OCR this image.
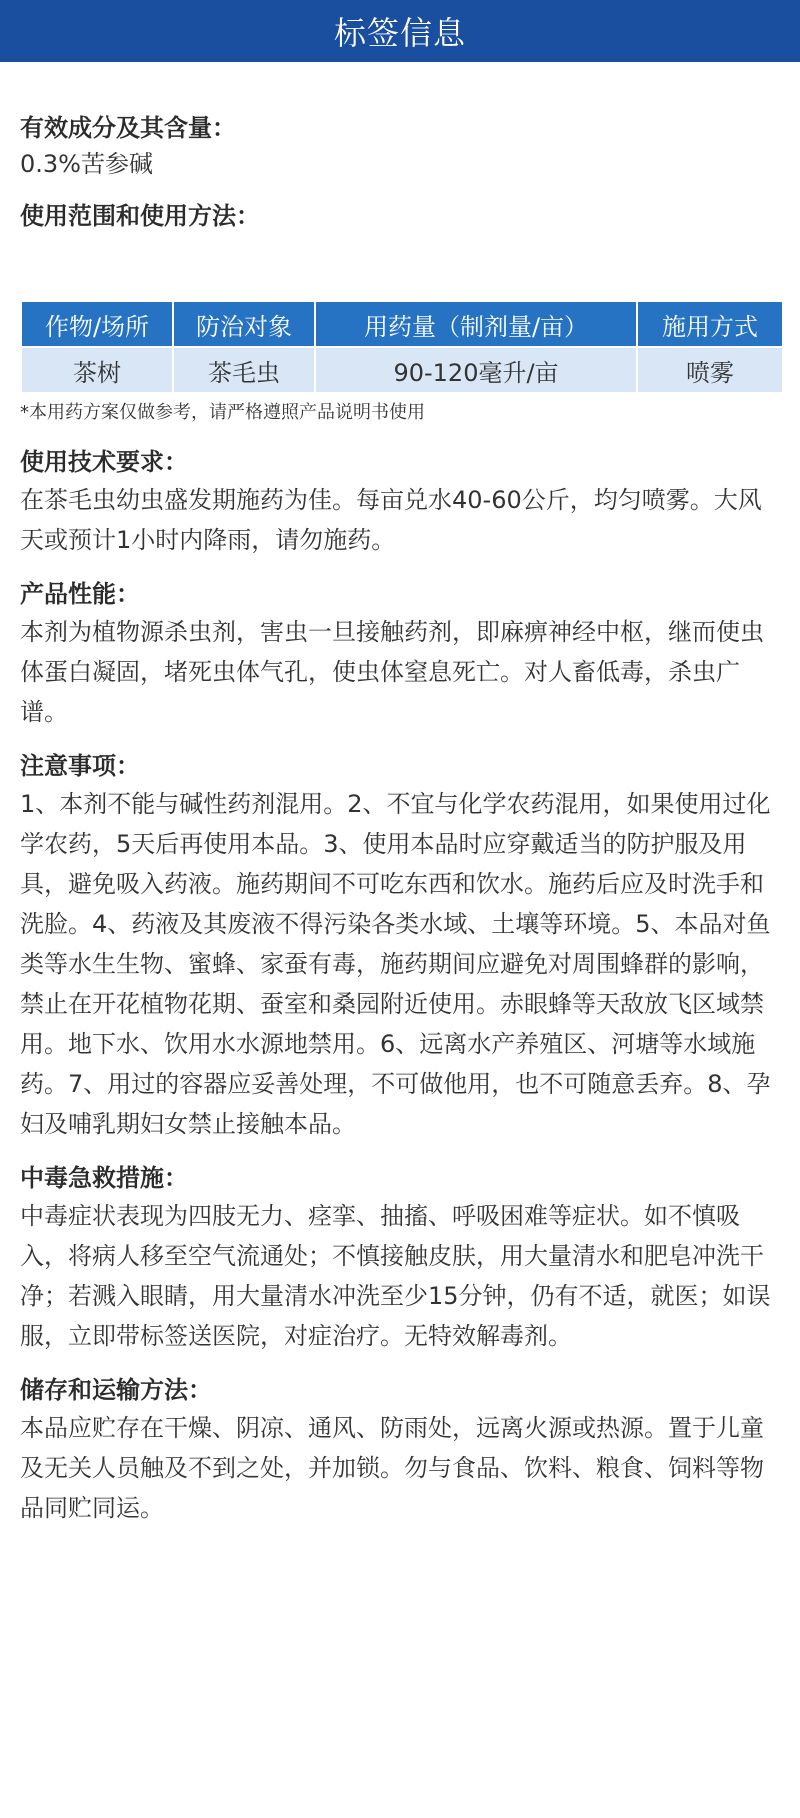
标签信息
有效成分及其含量：

0.3%苦参碱

使用范围和使用方法：
作物/场所	防治对象	用药量（制剂量/亩）	施用方式
茶树	茶毛虫	90-120毫升/亩	喷雾
*本用药方案仅做参考，请严格遵照产品说明书使用
使用技术要求：

在茶毛虫幼虫盛发期施药为佳。每亩兑水40-60公斤，均匀喷雾。大风天或预计1小时内降雨，请勿施药。

产品性能：

本剂为植物源杀虫剂，害虫一旦接触药剂，即麻痹神经中枢，继而使虫体蛋白凝固，堵死虫体气孔，使虫体窒息死亡。对人畜低毒，杀虫广谱。

注意事项：

1、本剂不能与碱性药剂混用。2、不宜与化学农药混用，如果使用过化学农药，5天后再使用本品。3、使用本品时应穿戴适当的防护服及用具，避免吸入药液。施药期间不可吃东西和饮水。施药后应及时洗手和洗脸。4、药液及其废液不得污染各类水域、土壤等环境。5、本品对鱼类等水生生物、蜜蜂、家蚕有毒，施药期间应避免对周围蜂群的影响，禁止在开花植物花期、蚕室和桑园附近使用。赤眼蜂等天敌放飞区域禁用。地下水、饮用水水源地禁用。6、远离水产养殖区、河塘等水域施药。7、用过的容器应妥善处理，不可做他用，也不可随意丢弃。8、孕妇及哺乳期妇女禁止接触本品。

中毒急救措施：

中毒症状表现为四肢无力、痉挛、抽搐、呼吸困难等症状。如不慎吸入，将病人移至空气流通处；不慎接触皮肤，用大量清水和肥皂冲洗干净；若溅入眼睛，用大量清水冲洗至少15分钟，仍有不适，就医；如误服，立即带标签送医院，对症治疗。无特效解毒剂。

储存和运输方法：

本品应贮存在干燥、阴凉、通风、防雨处，远离火源或热源。置于儿童及无关人员触及不到之处，并加锁。勿与食品、饮料、粮食、饲料等物品同贮同运。
